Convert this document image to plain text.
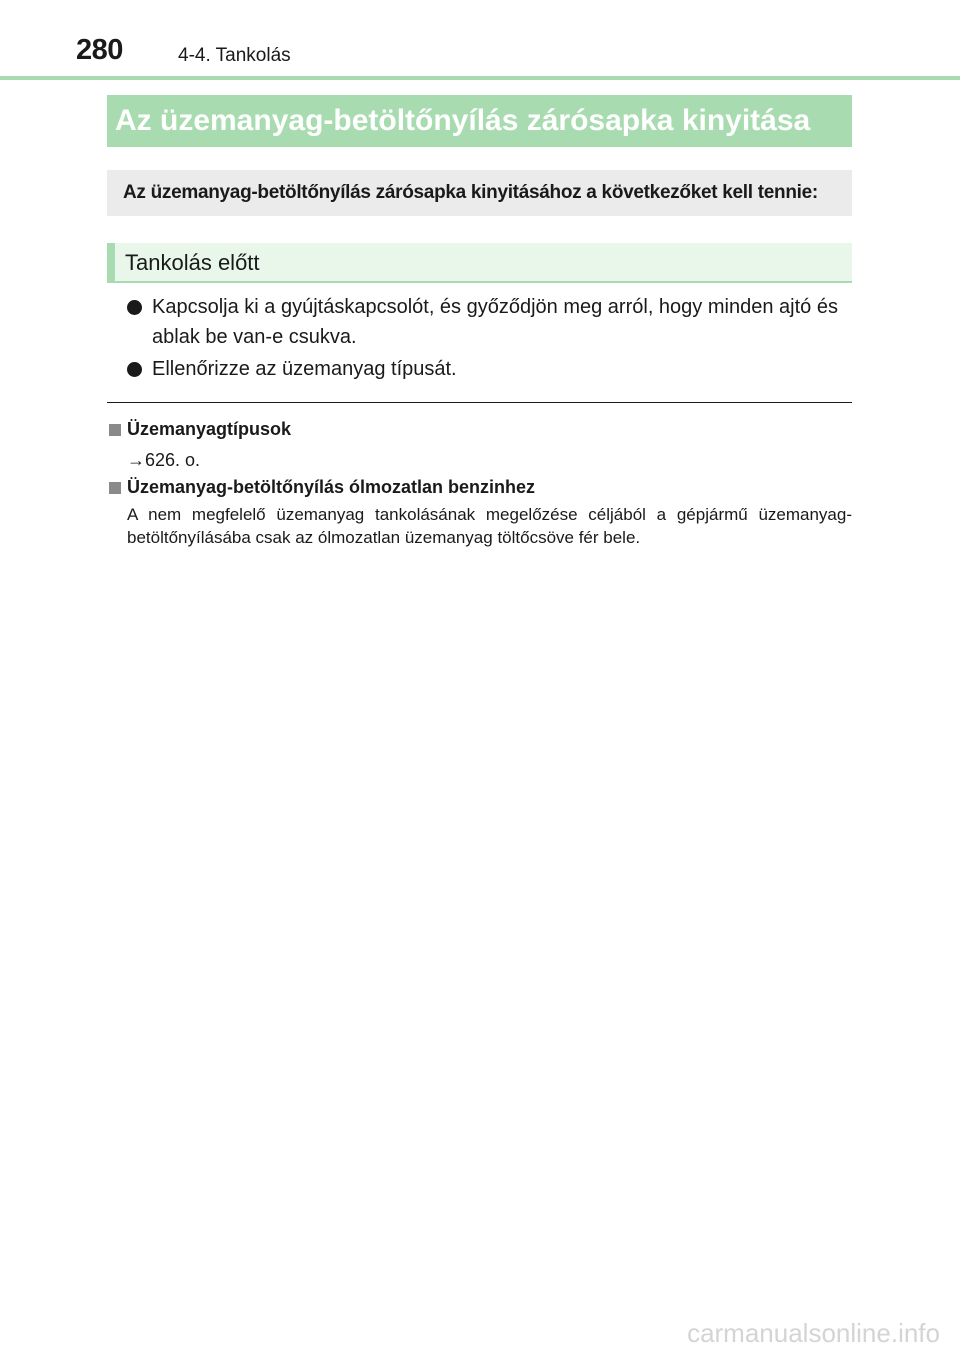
280	4-4. Tankolás
Az üzemanyag-betöltőnyílás zárósapka kinyitása
Az üzemanyag-betöltőnyílás zárósapka kinyitásához a következőket kell tennie:
Tankolás előtt
Kapcsolja ki a gyújtáskapcsolót, és győződjön meg arról, hogy minden ajtó és ablak be van-e csukva.
Ellenőrizze az üzemanyag típusát.
Üzemanyagtípusok
→626. o.
Üzemanyag-betöltőnyílás ólmozatlan benzinhez
A nem megfelelő üzemanyag tankolásának megelőzése céljából a gépjármű üzemanyag-betöltőnyílásába csak az ólmozatlan üzemanyag töltőcsöve fér bele.
carmanualsonline.info
